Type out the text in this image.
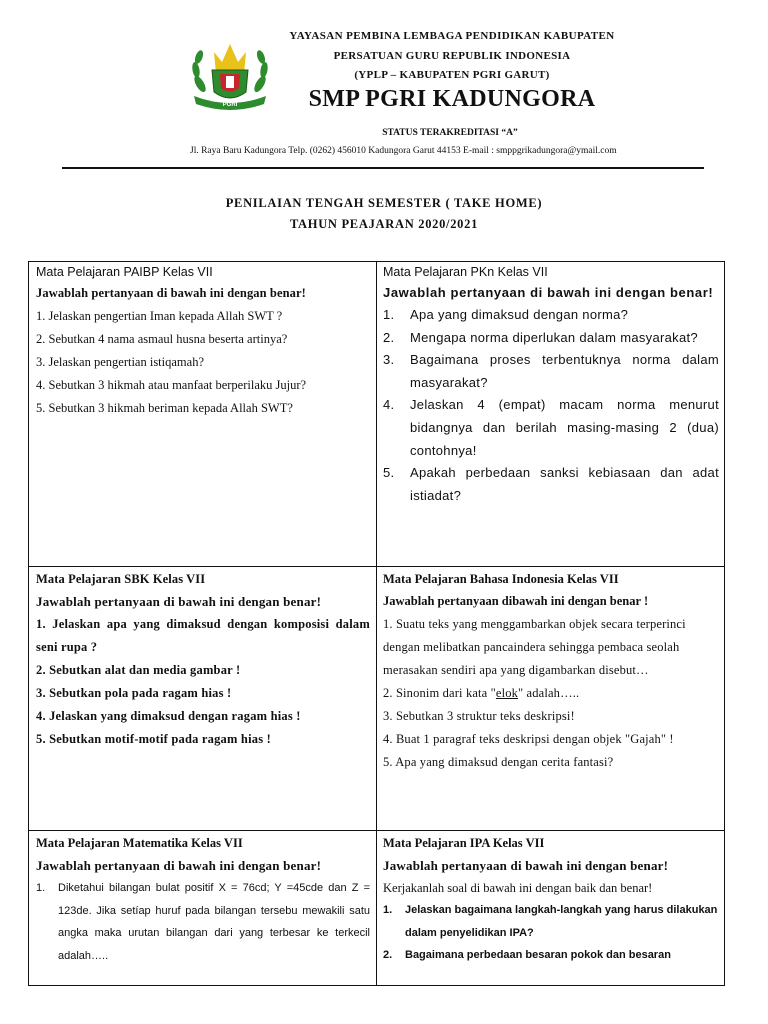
PGRI
YAYASAN PEMBINA LEMBAGA PENDIDIKAN KABUPATEN
PERSATUAN GURU REPUBLIK INDONESIA
(YPLP – KABUPATEN PGRI GARUT)
SMP PGRI KADUNGORA
STATUS TERAKREDITASI “A”
Jl. Raya Baru Kadungora Telp. (0262) 456010 Kadungora Garut 44153 E-mail : smppgrikadungora@ymail.com
PENILAIAN TENGAH SEMESTER ( TAKE HOME)
TAHUN PEAJARAN 2020/2021
Mata Pelajaran PAIBP Kelas VII
Jawablah pertanyaan di bawah ini dengan benar!
1. Jelaskan pengertian Iman kepada Allah SWT ?
2. Sebutkan 4 nama asmaul husna beserta artinya?
3. Jelaskan pengertian istiqamah?
4. Sebutkan 3 hikmah atau manfaat berperilaku Jujur?
5. Sebutkan 3 hikmah beriman kepada Allah SWT?
Mata Pelajaran PKn Kelas VII
Jawablah pertanyaan di bawah ini dengan benar!
1.	Apa yang dimaksud dengan norma?
2.	Mengapa norma diperlukan dalam masyarakat?
3.	Bagaimana proses terbentuknya norma dalam masyarakat?
4.	Jelaskan 4 (empat) macam norma menurut bidangnya dan berilah masing-masing 2 (dua) contohnya!
5.	Apakah perbedaan sanksi kebiasaan dan adat istiadat?
Mata Pelajaran SBK Kelas VII
Jawablah pertanyaan di bawah ini dengan benar!
1. Jelaskan apa yang dimaksud dengan komposisi dalam seni rupa ?
2. Sebutkan alat dan media gambar !
3. Sebutkan pola pada ragam hias !
4. Jelaskan yang dimaksud dengan ragam hias !
5. Sebutkan motif-motif pada ragam hias !
Mata Pelajaran Bahasa Indonesia Kelas VII
Jawablah pertanyaan dibawah ini dengan benar !
1. Suatu teks yang menggambarkan objek secara terperinci dengan melibatkan pancaindera sehingga pembaca seolah merasakan sendiri apa yang digambarkan disebut…
2. Sinonim dari kata "elok" adalah…..
3. Sebutkan 3 struktur teks deskripsi!
4. Buat 1 paragraf teks deskripsi dengan objek "Gajah" !
5. Apa yang dimaksud dengan cerita fantasi?
Mata Pelajaran Matematika Kelas VII
Jawablah pertanyaan di bawah ini dengan benar!
1.	Diketahui bilangan bulat positif X = 76cd; Y =45cde dan Z = 123de. Jika setíap huruf pada bilangan tersebu mewakili satu angka maka urutan bilangan dari yang terbesar ke terkecil adalah…..
Mata Pelajaran IPA Kelas VII
Jawablah pertanyaan di bawah ini dengan benar!
Kerjakanlah soal di bawah ini dengan baik dan benar!
1.	Jelaskan bagaimana langkah-langkah yang harus dilakukan dalam penyelidikan IPA?
2.	Bagaimana perbedaan besaran pokok dan besaran
